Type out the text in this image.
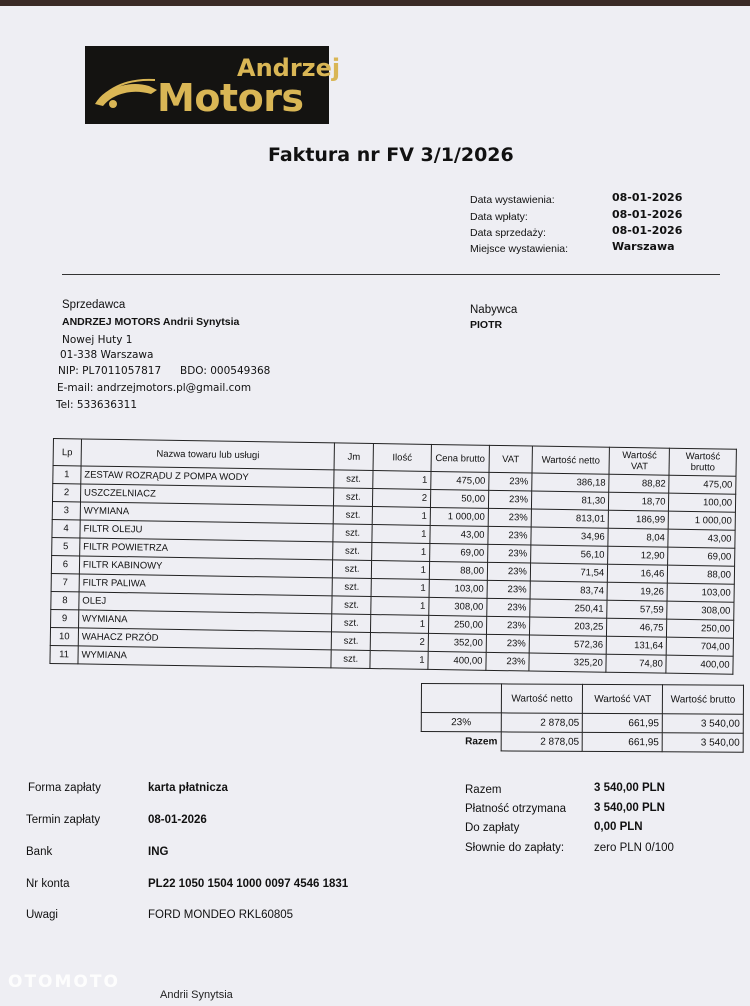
Andrzej
Motors
Faktura nr FV 3/1/2026
Data wystawienia:	08-01-2026
Data wpłaty:	08-01-2026
Data sprzedaży:	08-01-2026
Miejsce wystawienia:	Warszawa
Sprzedawca
ANDRZEJ MOTORS Andrii Synytsia
Nowej Huty 1
01-338 Warszawa
NIP: PL7011057817 BDO: 000549368
E-mail: andrzejmotors.pl@gmail.com
Tel: 533636311
Nabywca
PIOTR
Lp	Nazwa towaru lub usługi	Jm	Ilość	Cena brutto	VAT	Wartość netto	Wartość VAT	Wartość brutto
1	ZESTAW ROZRĄDU Z POMPA WODY	szt.	1	475,00	23%	386,18	88,82	475,00
2	USZCZELNIACZ	szt.	2	50,00	23%	81,30	18,70	100,00
3	WYMIANA	szt.	1	1 000,00	23%	813,01	186,99	1 000,00
4	FILTR OLEJU	szt.	1	43,00	23%	34,96	8,04	43,00
5	FILTR POWIETRZA	szt.	1	69,00	23%	56,10	12,90	69,00
6	FILTR KABINOWY	szt.	1	88,00	23%	71,54	16,46	88,00
7	FILTR PALIWA	szt.	1	103,00	23%	83,74	19,26	103,00
8	OLEJ	szt.	1	308,00	23%	250,41	57,59	308,00
9	WYMIANA	szt.	1	250,00	23%	203,25	46,75	250,00
10	WAHACZ PRZÓD	szt.	2	352,00	23%	572,36	131,64	704,00
11	WYMIANA	szt.	1	400,00	23%	325,20	74,80	400,00
	Wartość netto	Wartość VAT	Wartość brutto
23%	2 878,05	661,95	3 540,00
Razem	2 878,05	661,95	3 540,00
Forma zapłaty	karta płatnicza
Termin zapłaty	08-01-2026
Bank	ING
Nr konta	PL22 1050 1504 1000 0097 4546 1831
Uwagi	FORD MONDEO RKL60805
Razem	3 540,00 PLN
Płatność otrzymana 3 540,00 PLN
Do zapłaty	0,00 PLN
Słownie do zapłaty:	zero PLN 0/100
Andrii Synytsia
OTOMOTO
